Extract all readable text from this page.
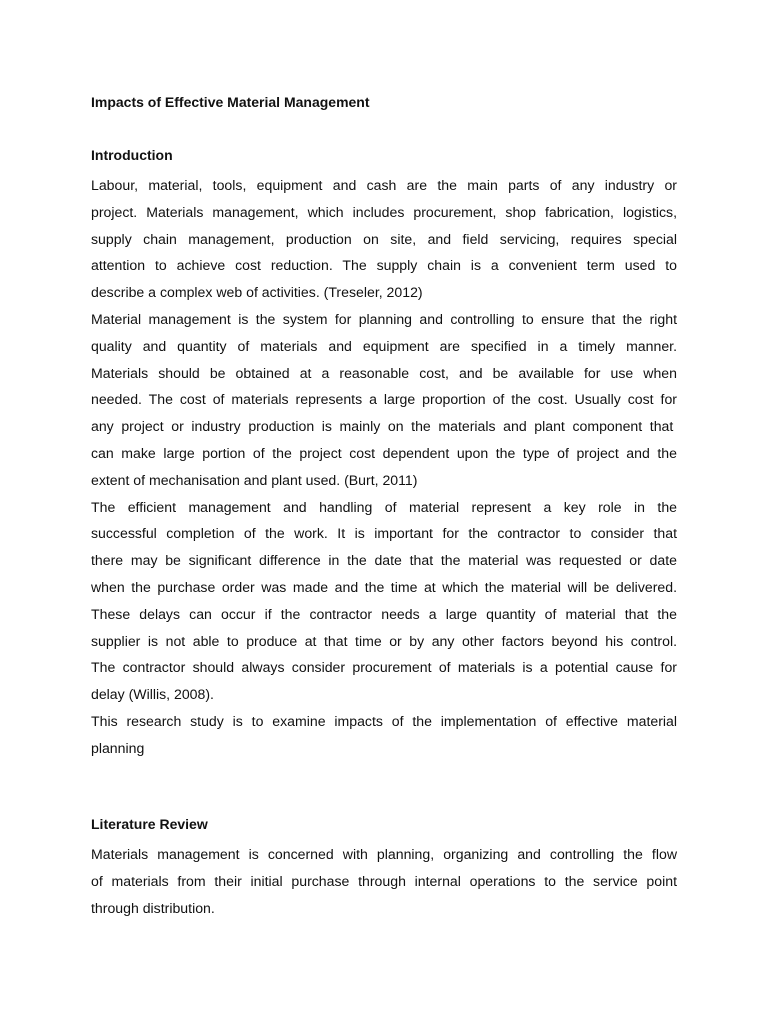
Impacts of Effective Material Management
Introduction
Labour, material, tools, equipment and cash are the main parts of any industry or
project. Materials management, which includes procurement, shop fabrication, logistics,
supply chain management, production on site, and field servicing, requires special
attention to achieve cost reduction. The supply chain is a convenient term used to
describe a complex web of activities. (Treseler, 2012)
Material management is the system for planning and controlling to ensure that the right
quality and quantity of materials and equipment are specified in a timely manner.
Materials should be obtained at a reasonable cost, and be available for use when
needed. The cost of materials represents a large proportion of the cost. Usually cost for
any project or industry production is mainly on the materials and plant component that
can make large portion of the project cost dependent upon the type of project and the
extent of mechanisation and plant used. (Burt, 2011)
The efficient management and handling of material represent a key role in the
successful completion of the work. It is important for the contractor to consider that
there may be significant difference in the date that the material was requested or date
when the purchase order was made and the time at which the material will be delivered.
These delays can occur if the contractor needs a large quantity of material that the
supplier is not able to produce at that time or by any other factors beyond his control.
The contractor should always consider procurement of materials is a potential cause for
delay (Willis, 2008).
This research study is to examine impacts of the implementation of effective material
planning
Literature Review
Materials management is concerned with planning, organizing and controlling the flow
of materials from their initial purchase through internal operations to the service point
through distribution.
